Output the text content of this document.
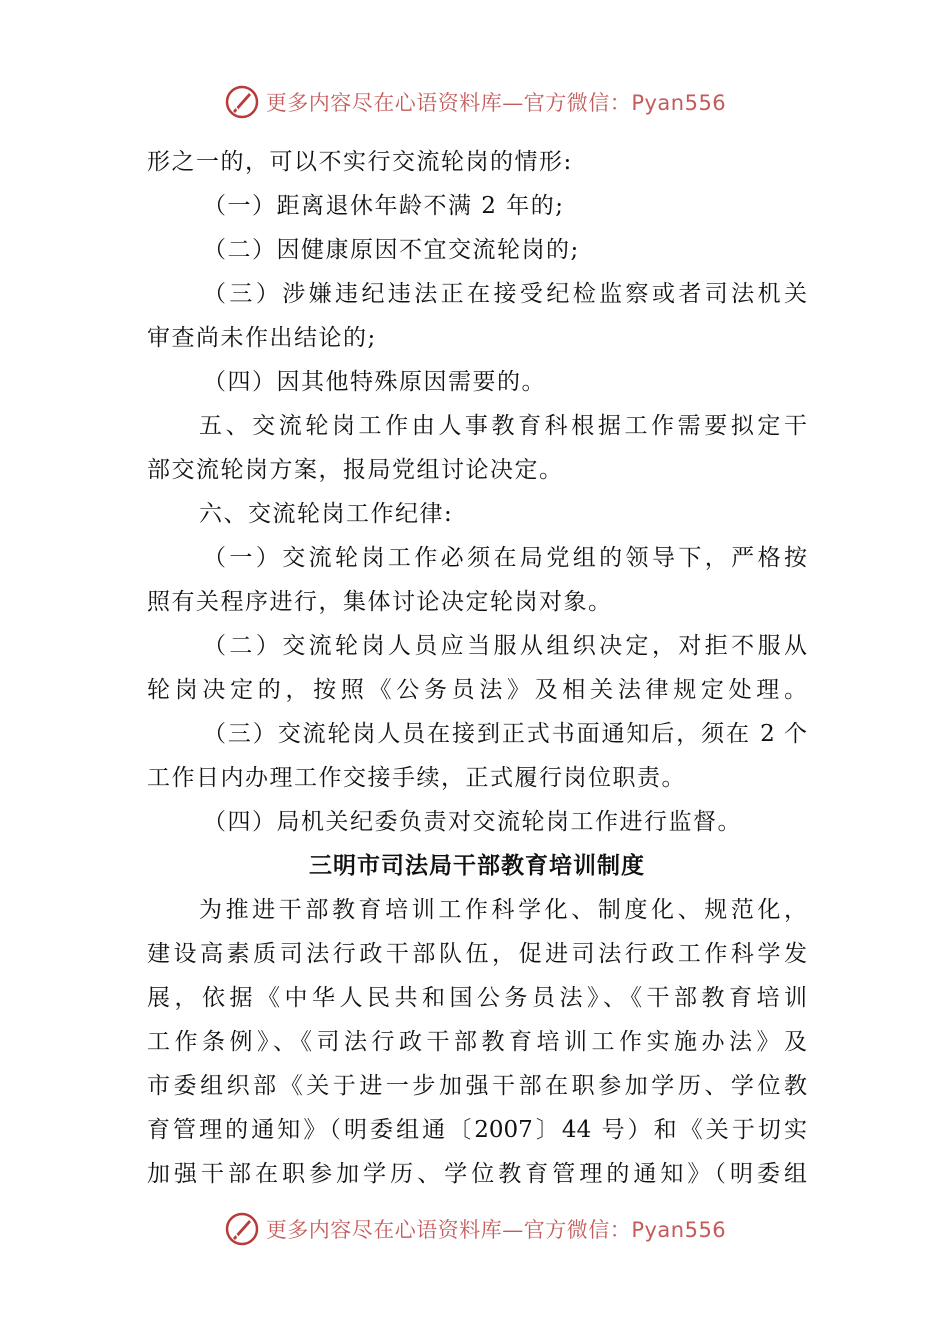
更多内容尽在心语资料库—官方微信：Pyan556
形之一的，可以不实行交流轮岗的情形:
（一）距离退休年龄不满 2 年的;
（二）因健康原因不宜交流轮岗的;
（三）涉嫌违纪违法正在接受纪检监察或者司法机关
审查尚未作出结论的;
（四）因其他特殊原因需要的。
五、交流轮岗工作由人事教育科根据工作需要拟定干
部交流轮岗方案，报局党组讨论决定。
六、交流轮岗工作纪律:
（一）交流轮岗工作必须在局党组的领导下，严格按
照有关程序进行，集体讨论决定轮岗对象。
（二）交流轮岗人员应当服从组织决定，对拒不服从
轮岗决定的，按照《公务员法》及相关法律规定处理。
（三）交流轮岗人员在接到正式书面通知后，须在 2 个
工作日内办理工作交接手续，正式履行岗位职责。
（四）局机关纪委负责对交流轮岗工作进行监督。
三明市司法局干部教育培训制度
为推进干部教育培训工作科学化、制度化、规范化，
建设高素质司法行政干部队伍，促进司法行政工作科学发
展，依据《中华人民共和国公务员法》、《干部教育培训
工作条例》、《司法行政干部教育培训工作实施办法》及
市委组织部《关于进一步加强干部在职参加学历、学位教
育管理的通知》（明委组通〔2007〕44 号）和《关于切实
加强干部在职参加学历、学位教育管理的通知》（明委组
更多内容尽在心语资料库—官方微信：Pyan556
